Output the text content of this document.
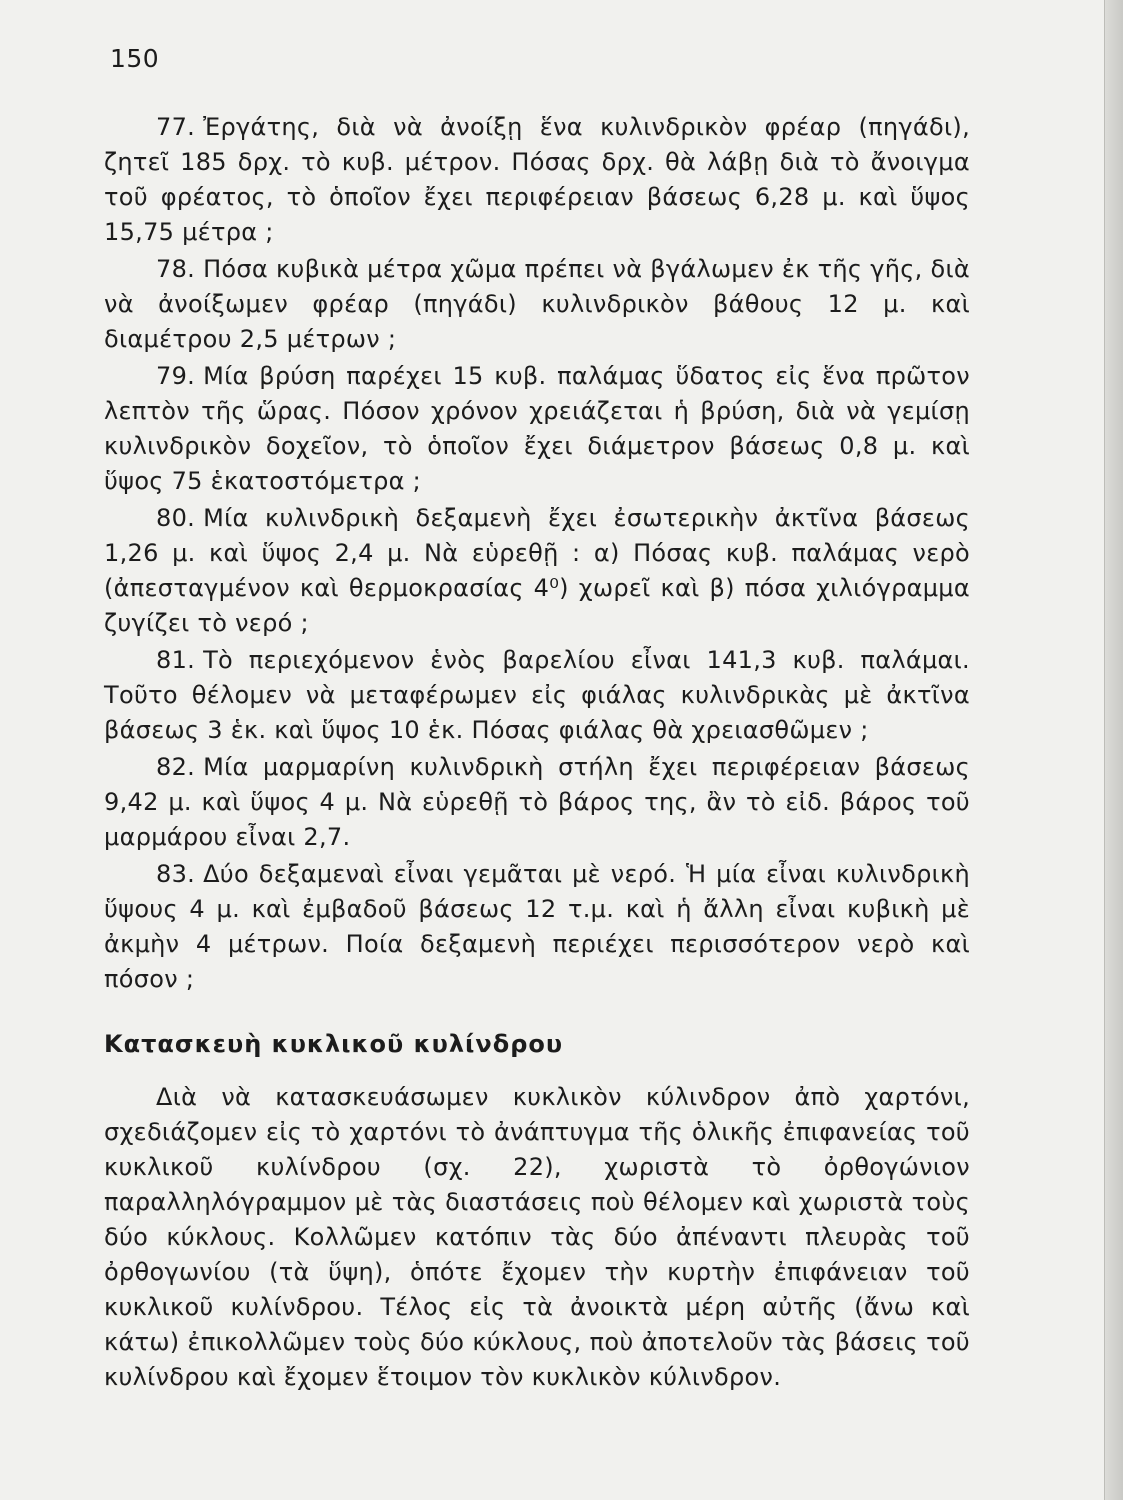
150

77. Ἐργάτης, διὰ νὰ ἀνοίξῃ ἕνα κυλινδρικὸν φρέαρ (πηγάδι), ζητεῖ 185 δρχ. τὸ κυβ. μέτρον. Πόσας δρχ. θὰ λάβῃ διὰ τὸ ἄνοιγμα τοῦ φρέατος, τὸ ὁποῖον ἔχει περιφέρειαν βάσεως 6,28 μ. καὶ ὕψος 15,75 μέτρα ;

78. Πόσα κυβικὰ μέτρα χῶμα πρέπει νὰ βγάλωμεν ἐκ τῆς γῆς, διὰ νὰ ἀνοίξωμεν φρέαρ (πηγάδι) κυλινδρικὸν βάθους 12 μ. καὶ διαμέτρου 2,5 μέτρων ;

79. Μία βρύση παρέχει 15 κυβ. παλάμας ὕδατος εἰς ἕνα πρῶτον λεπτὸν τῆς ὥρας. Πόσον χρόνον χρειάζεται ἡ βρύση, διὰ νὰ γεμίσῃ κυλινδρικὸν δοχεῖον, τὸ ὁποῖον ἔχει διάμετρον βάσεως 0,8 μ. καὶ ὕψος 75 ἑκατοστόμετρα ;

80. Μία κυλινδρικὴ δεξαμενὴ ἔχει ἐσωτερικὴν ἀκτῖνα βάσεως 1,26 μ. καὶ ὕψος 2,4 μ. Νὰ εὑρεθῇ : α) Πόσας κυβ. παλάμας νερὸ (ἀπεσταγμένον καὶ θερμοκρασίας 4⁰) χωρεῖ καὶ β) πόσα χιλιόγραμμα ζυγίζει τὸ νερό ;

81. Τὸ περιεχόμενον ἑνὸς βαρελίου εἶναι 141,3 κυβ. παλάμαι. Τοῦτο θέλομεν νὰ μεταφέρωμεν εἰς φιάλας κυλινδρικὰς μὲ ἀκτῖνα βάσεως 3 ἑκ. καὶ ὕψος 10 ἑκ. Πόσας φιάλας θὰ χρειασθῶμεν ;

82. Μία μαρμαρίνη κυλινδρικὴ στήλη ἔχει περιφέρειαν βάσεως 9,42 μ. καὶ ὕψος 4 μ. Νὰ εὑρεθῇ τὸ βάρος της, ἂν τὸ εἰδ. βάρος τοῦ μαρμάρου εἶναι 2,7.

83. Δύο δεξαμεναὶ εἶναι γεμᾶται μὲ νερό. Ἡ μία εἶναι κυλινδρικὴ ὕψους 4 μ. καὶ ἐμβαδοῦ βάσεως 12 τ.μ. καὶ ἡ ἄλλη εἶναι κυβικὴ μὲ ἀκμὴν 4 μέτρων. Ποία δεξαμενὴ περιέχει περισσότερον νερὸ καὶ πόσον ;

Κατασκευὴ κυκλικοῦ κυλίνδρου

Διὰ νὰ κατασκευάσωμεν κυκλικὸν κύλινδρον ἀπὸ χαρτόνι, σχεδιάζομεν εἰς τὸ χαρτόνι τὸ ἀνάπτυγμα τῆς ὁλικῆς ἐπιφανείας τοῦ κυκλικοῦ κυλίνδρου (σχ. 22), χωριστὰ τὸ ὀρθογώνιον παραλληλόγραμμον μὲ τὰς διαστάσεις ποὺ θέλομεν καὶ χωριστὰ τοὺς δύο κύκλους. Κολλῶμεν κατόπιν τὰς δύο ἀπέναντι πλευρὰς τοῦ ὀρθογωνίου (τὰ ὕψη), ὁπότε ἔχομεν τὴν κυρτὴν ἐπιφάνειαν τοῦ κυκλικοῦ κυλίνδρου. Τέλος εἰς τὰ ἀνοικτὰ μέρη αὐτῆς (ἄνω καὶ κάτω) ἐπικολλῶμεν τοὺς δύο κύκλους, ποὺ ἀποτελοῦν τὰς βάσεις τοῦ κυλίνδρου καὶ ἔχομεν ἕτοιμον τὸν κυκλικὸν κύλινδρον.
